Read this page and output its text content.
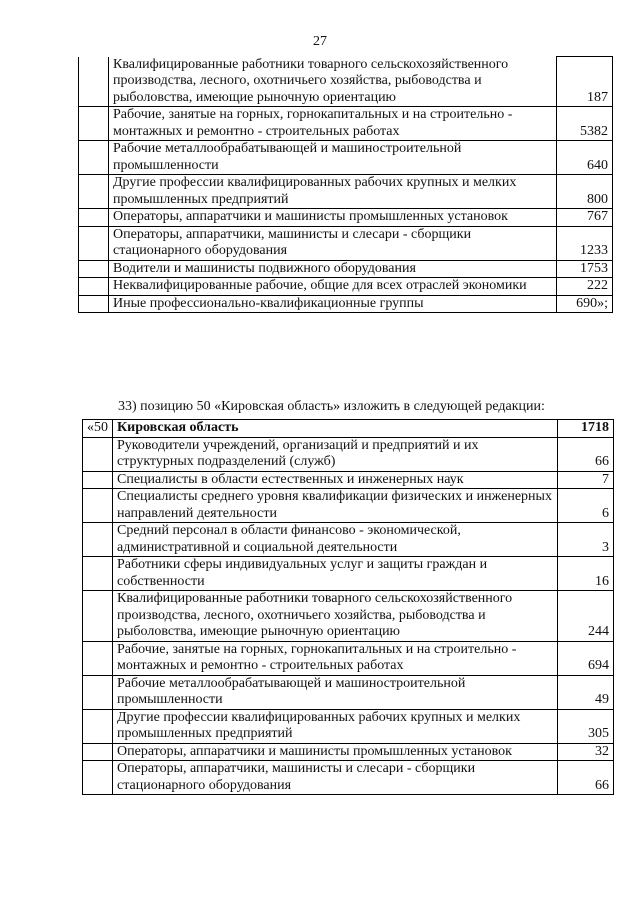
27
	Квалифицированные работники товарного сельскохозяйственного производства, лесного, охотничьего хозяйства, рыбоводства и рыболовства, имеющие рыночную ориентацию	187
	Рабочие, занятые на горных, горнокапитальных и на строительно - монтажных и ремонтно - строительных работах	5382
	Рабочие металлообрабатывающей и машиностроительной промышленности	640
	Другие профессии квалифицированных рабочих крупных и мелких промышленных предприятий	800
	Операторы, аппаратчики и машинисты промышленных установок	767
	Операторы, аппаратчики, машинисты и слесари - сборщики стационарного оборудования	1233
	Водители и машинисты подвижного оборудования	1753
	Неквалифицированные рабочие, общие для всех отраслей экономики	222
	Иные профессионально-квалификационные группы	690»;
33) позицию 50 «Кировская область» изложить в следующей редакции:
«50	Кировская область	1718
	Руководители учреждений, организаций и предприятий и их структурных подразделений (служб)	66
	Специалисты в области естественных и инженерных наук	7
	Специалисты среднего уровня квалификации физических и инженерных направлений деятельности	6
	Средний персонал в области финансово - экономической, административной и социальной деятельности	3
	Работники сферы индивидуальных услуг и защиты граждан и собственности	16
	Квалифицированные работники товарного сельскохозяйственного производства, лесного, охотничьего хозяйства, рыбоводства и рыболовства, имеющие рыночную ориентацию	244
	Рабочие, занятые на горных, горнокапитальных и на строительно - монтажных и ремонтно - строительных работах	694
	Рабочие металлообрабатывающей и машиностроительной промышленности	49
	Другие профессии квалифицированных рабочих крупных и мелких промышленных предприятий	305
	Операторы, аппаратчики и машинисты промышленных установок	32
	Операторы, аппаратчики, машинисты и слесари - сборщики стационарного оборудования	66
